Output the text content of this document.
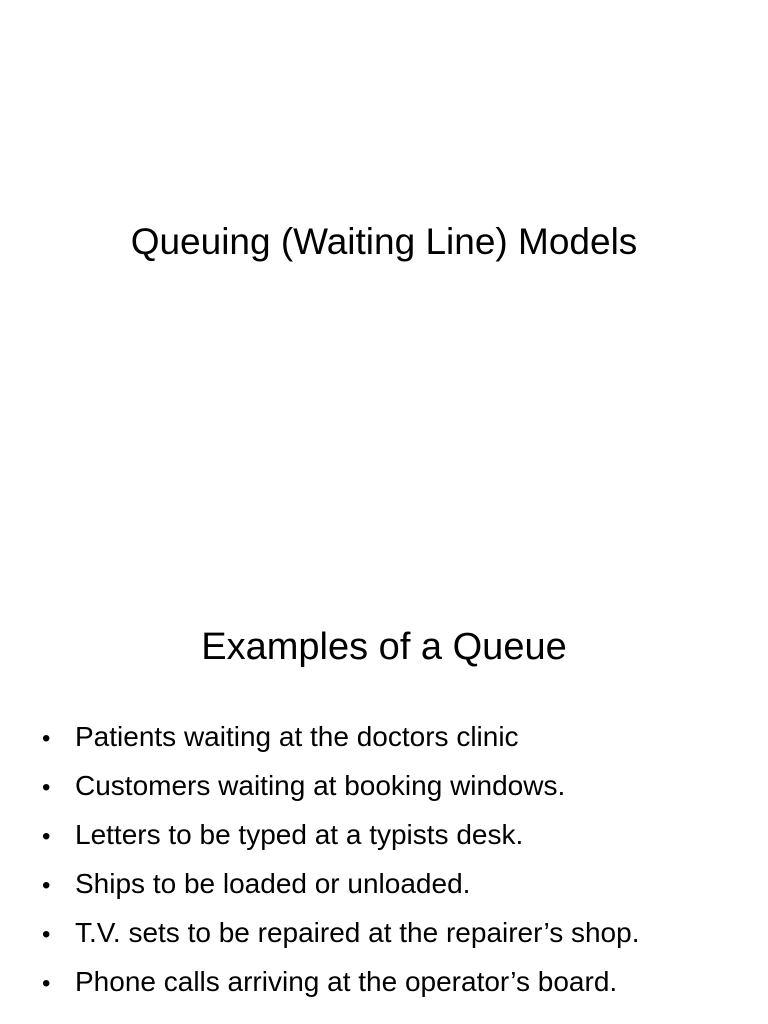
Queuing (Waiting Line) Models
Examples of a Queue
• Patients waiting at the doctors clinic
• Customers waiting at booking windows.
• Letters to be typed at a typists desk.
• Ships to be loaded or unloaded.
• T.V. sets to be repaired at the repairer’s shop.
• Phone calls arriving at the operator’s board.
